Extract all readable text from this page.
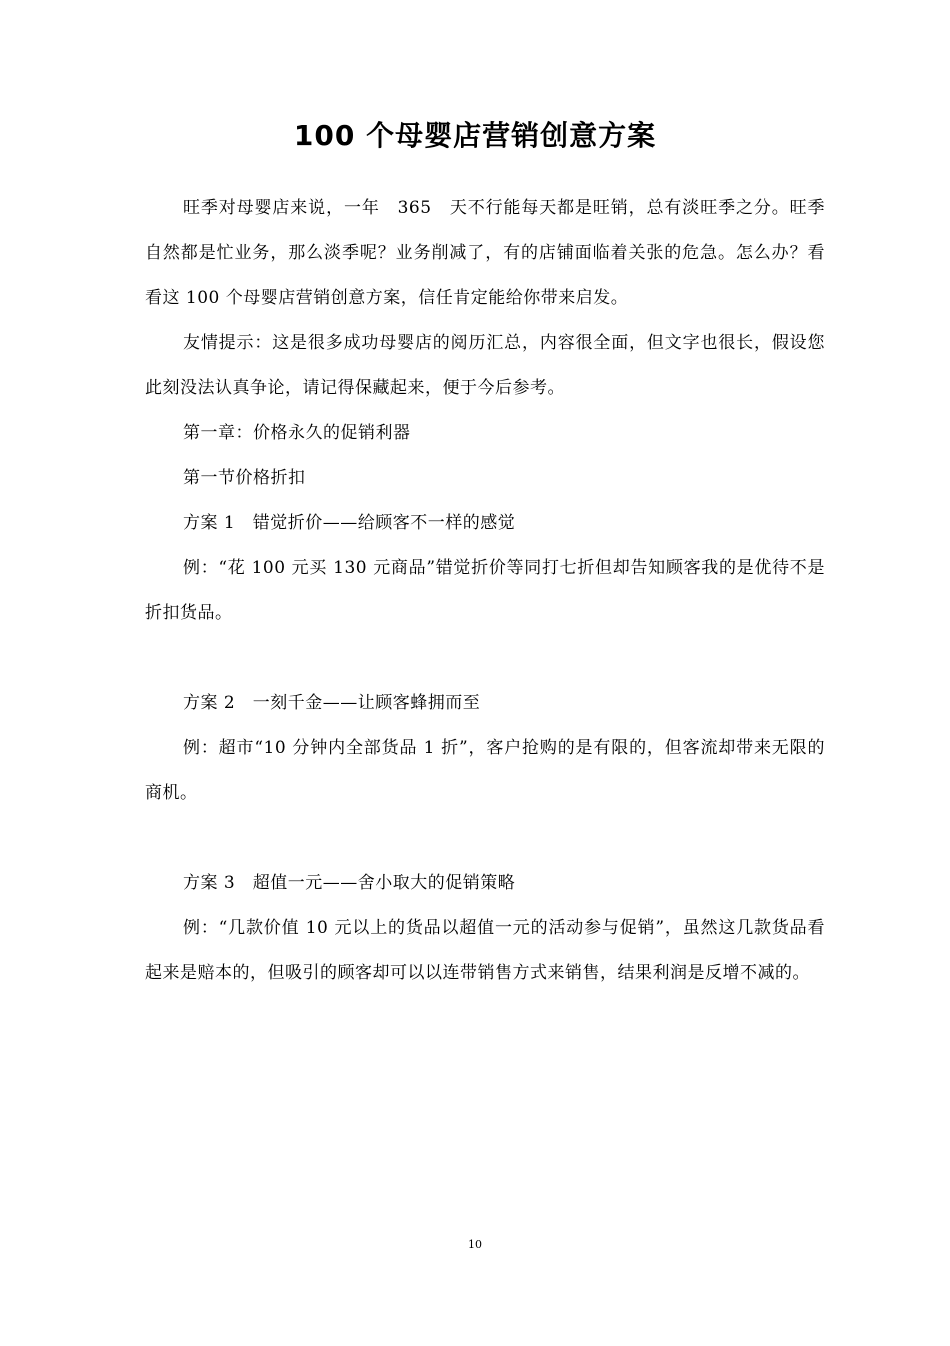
100 个母婴店营销创意方案

旺季对母婴店来说，一年　365　天不行能每天都是旺销，总有淡旺季之分。旺季自然都是忙业务，那么淡季呢？业务削减了，有的店铺面临着关张的危急。怎么办？看看这 100 个母婴店营销创意方案，信任肯定能给你带来启发。

友情提示：这是很多成功母婴店的阅历汇总，内容很全面，但文字也很长，假设您此刻没法认真争论，请记得保藏起来，便于今后参考。

第一章：价格永久的促销利器

第一节价格折扣

方案 1　错觉折价——给顾客不一样的感觉

例：“花 100 元买 130 元商品”错觉折价等同打七折但却告知顾客我的是优待不是折扣货品。

方案 2　一刻千金——让顾客蜂拥而至

例：超市“10 分钟内全部货品 1 折”，客户抢购的是有限的，但客流却带来无限的商机。

方案 3　超值一元——舍小取大的促销策略

例：“几款价值 10 元以上的货品以超值一元的活动参与促销”，虽然这几款货品看起来是赔本的，但吸引的顾客却可以以连带销售方式来销售，结果利润是反增不减的。

10
